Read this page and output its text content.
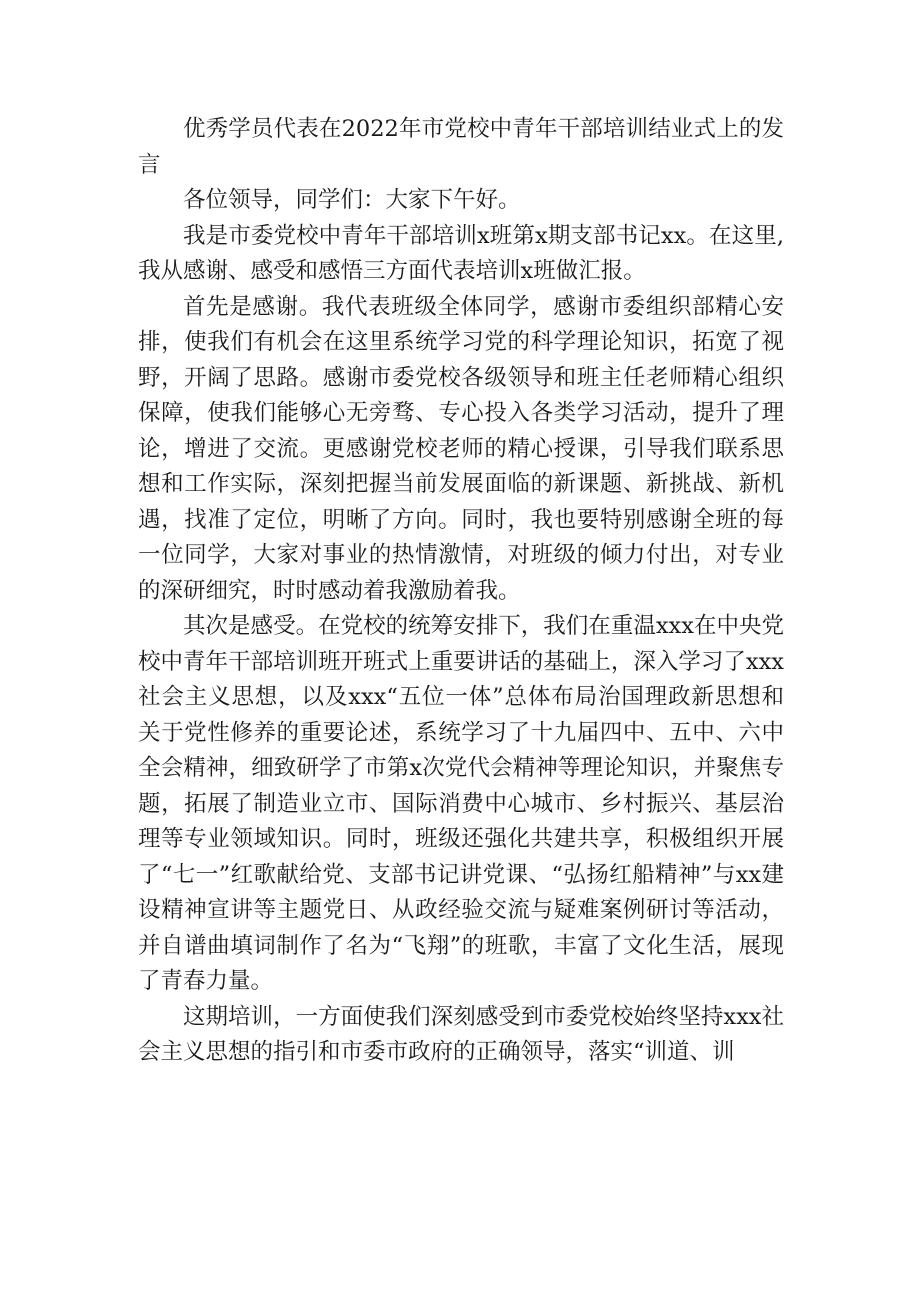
优秀学员代表在2022年市党校中青年干部培训结业式上的发言

各位领导，同学们：大家下午好。

我是市委党校中青年干部培训x班第x期支部书记xx。在这里,我从感谢、感受和感悟三方面代表培训x班做汇报。

首先是感谢。我代表班级全体同学，感谢市委组织部精心安排，使我们有机会在这里系统学习党的科学理论知识，拓宽了视野，开阔了思路。感谢市委党校各级领导和班主任老师精心组织保障，使我们能够心无旁骛、专心投入各类学习活动，提升了理论，增进了交流。更感谢党校老师的精心授课，引导我们联系思想和工作实际，深刻把握当前发展面临的新课题、新挑战、新机遇，找准了定位，明晰了方向。同时，我也要特别感谢全班的每一位同学，大家对事业的热情激情，对班级的倾力付出，对专业的深研细究，时时感动着我激励着我。

其次是感受。在党校的统筹安排下，我们在重温xxx在中央党校中青年干部培训班开班式上重要讲话的基础上，深入学习了xxx社会主义思想，以及xxx“五位一体”总体布局治国理政新思想和关于党性修养的重要论述，系统学习了十九届四中、五中、六中全会精神，细致研学了市第x次党代会精神等理论知识，并聚焦专题，拓展了制造业立市、国际消费中心城市、乡村振兴、基层治理等专业领域知识。同时，班级还强化共建共享，积极组织开展了“七一”红歌献给党、支部书记讲党课、“弘扬红船精神”与xx建设精神宣讲等主题党日、从政经验交流与疑难案例研讨等活动，并自谱曲填词制作了名为“飞翔”的班歌，丰富了文化生活，展现了青春力量。

这期培训，一方面使我们深刻感受到市委党校始终坚持xxx社会主义思想的指引和市委市政府的正确领导，落实“训道、训
